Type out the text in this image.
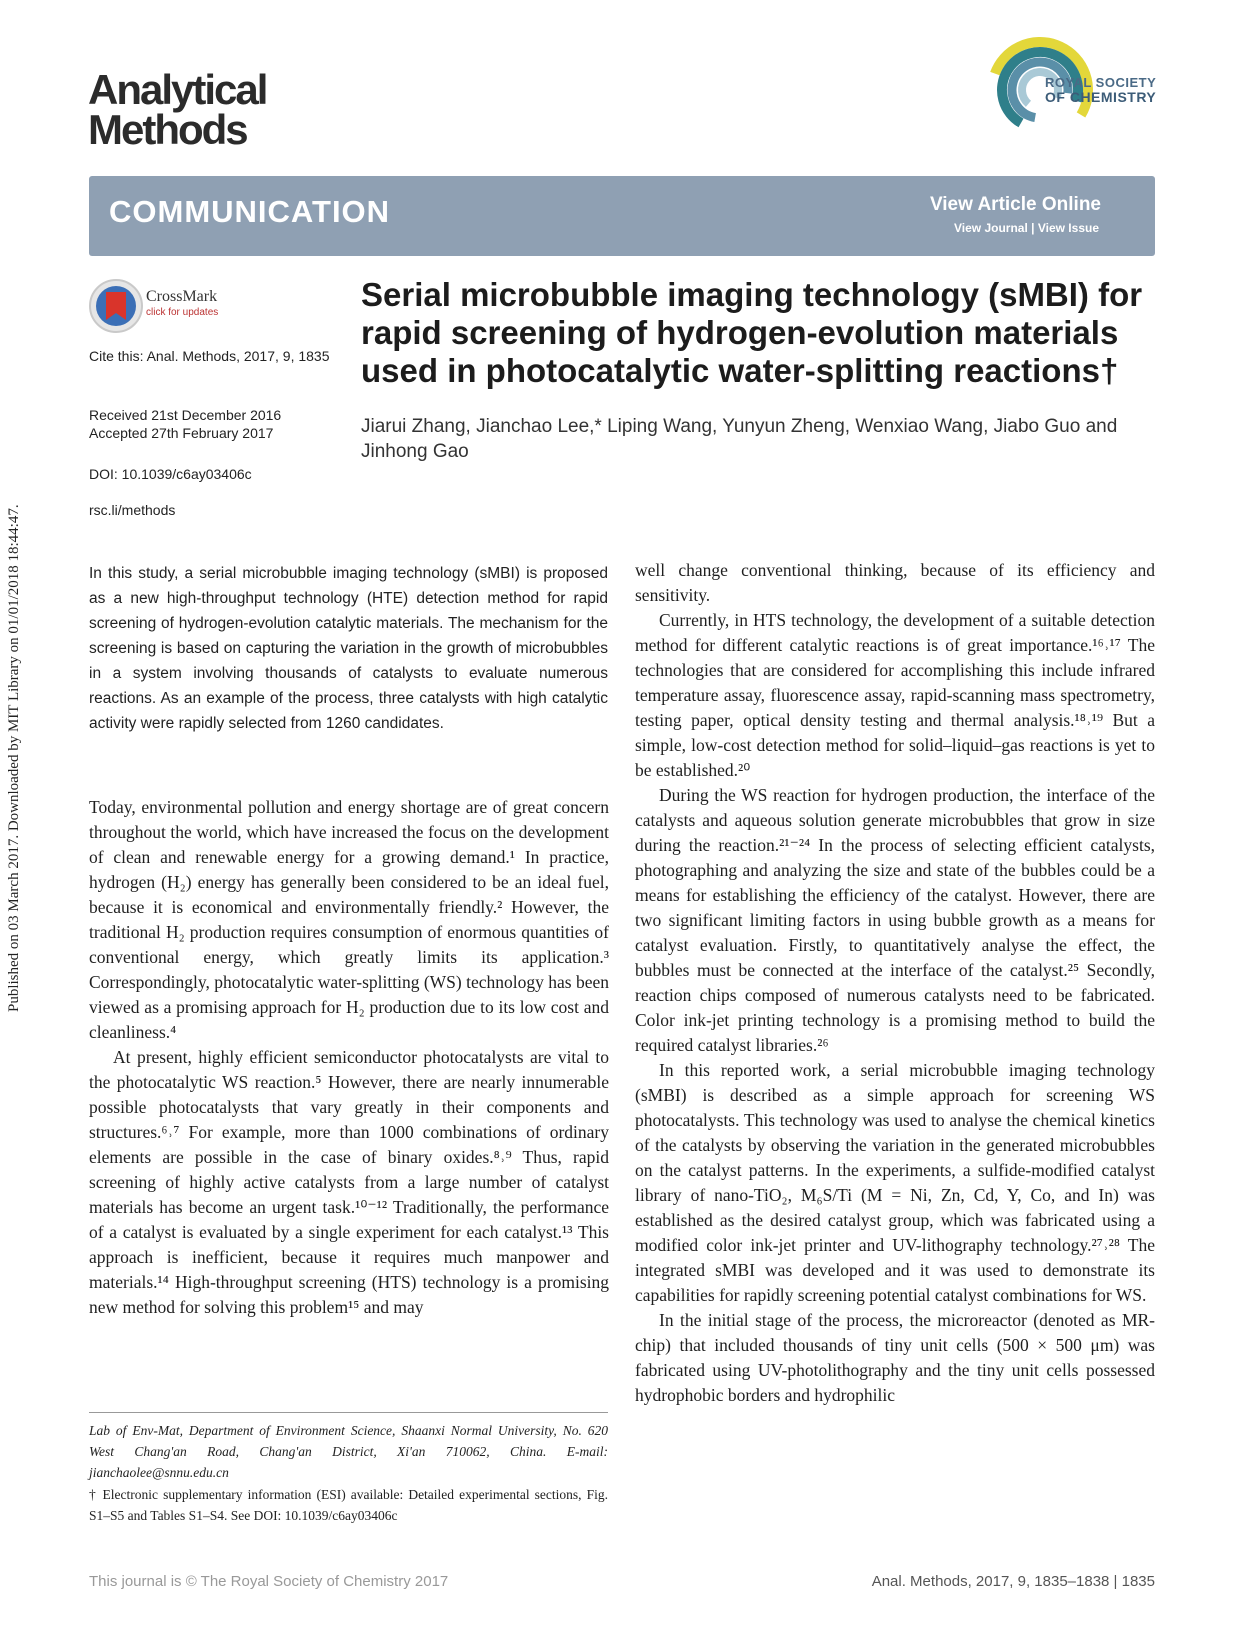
Published on 03 March 2017. Downloaded by MIT Library on 01/01/2018 18:44:47.
Analytical
Methods
ROYAL SOCIETY
OF CHEMISTRY
COMMUNICATION	View Article Online
View Journal | View Issue
CrossMark
click for updates
Cite this: Anal. Methods, 2017, 9, 1835
Received 21st December 2016
Accepted 27th February 2017
DOI: 10.1039/c6ay03406c
rsc.li/methods
Serial microbubble imaging technology (sMBI) for rapid screening of hydrogen-evolution materials used in photocatalytic water-splitting reactions†
Jiarui Zhang, Jianchao Lee,* Liping Wang, Yunyun Zheng, Wenxiao Wang, Jiabo Guo and Jinhong Gao
In this study, a serial microbubble imaging technology (sMBI) is proposed as a new high-throughput technology (HTE) detection method for rapid screening of hydrogen-evolution catalytic materials. The mechanism for the screening is based on capturing the variation in the growth of microbubbles in a system involving thousands of catalysts to evaluate numerous reactions. As an example of the process, three catalysts with high catalytic activity were rapidly selected from 1260 candidates.

Today, environmental pollution and energy shortage are of great concern throughout the world, which have increased the focus on the development of clean and renewable energy for a growing demand.¹ In practice, hydrogen (H₂) energy has generally been considered to be an ideal fuel, because it is economical and environmentally friendly.² However, the traditional H₂ production requires consumption of enormous quantities of conventional energy, which greatly limits its application.³ Correspondingly, photocatalytic water-splitting (WS) technology has been viewed as a promising approach for H₂ production due to its low cost and cleanliness.⁴

At present, highly efficient semiconductor photocatalysts are vital to the photocatalytic WS reaction.⁵ However, there are nearly innumerable possible photocatalysts that vary greatly in their components and structures.⁶˒⁷ For example, more than 1000 combinations of ordinary elements are possible in the case of binary oxides.⁸˒⁹ Thus, rapid screening of highly active catalysts from a large number of catalyst materials has become an urgent task.¹⁰⁻¹² Traditionally, the performance of a catalyst is evaluated by a single experiment for each catalyst.¹³ This approach is inefficient, because it requires much manpower and materials.¹⁴ High-throughput screening (HTS) technology is a promising new method for solving this problem¹⁵ and may

well change conventional thinking, because of its efficiency and sensitivity.

Currently, in HTS technology, the development of a suitable detection method for different catalytic reactions is of great importance.¹⁶˒¹⁷ The technologies that are considered for accomplishing this include infrared temperature assay, fluorescence assay, rapid-scanning mass spectrometry, testing paper, optical density testing and thermal analysis.¹⁸˒¹⁹ But a simple, low-cost detection method for solid–liquid–gas reactions is yet to be established.²⁰

During the WS reaction for hydrogen production, the interface of the catalysts and aqueous solution generate microbubbles that grow in size during the reaction.²¹⁻²⁴ In the process of selecting efficient catalysts, photographing and analyzing the size and state of the bubbles could be a means for establishing the efficiency of the catalyst. However, there are two significant limiting factors in using bubble growth as a means for catalyst evaluation. Firstly, to quantitatively analyse the effect, the bubbles must be connected at the interface of the catalyst.²⁵ Secondly, reaction chips composed of numerous catalysts need to be fabricated. Color ink-jet printing technology is a promising method to build the required catalyst libraries.²⁶

In this reported work, a serial microbubble imaging technology (sMBI) is described as a simple approach for screening WS photocatalysts. This technology was used to analyse the chemical kinetics of the catalysts by observing the variation in the generated microbubbles on the catalyst patterns. In the experiments, a sulfide-modified catalyst library of nano-TiO₂, M₆S/Ti (M = Ni, Zn, Cd, Y, Co, and In) was established as the desired catalyst group, which was fabricated using a modified color ink-jet printer and UV-lithography technology.²⁷˒²⁸ The integrated sMBI was developed and it was used to demonstrate its capabilities for rapidly screening potential catalyst combinations for WS.

In the initial stage of the process, the microreactor (denoted as MR-chip) that included thousands of tiny unit cells (500 × 500 μm) was fabricated using UV-photolithography and the tiny unit cells possessed hydrophobic borders and hydrophilic

Lab of Env-Mat, Department of Environment Science, Shaanxi Normal University, No. 620 West Chang'an Road, Chang'an District, Xi'an 710062, China. E-mail: jianchaolee@snnu.edu.cn
† Electronic supplementary information (ESI) available: Detailed experimental sections, Fig. S1–S5 and Tables S1–S4. See DOI: 10.1039/c6ay03406c
This journal is © The Royal Society of Chemistry 2017	Anal. Methods, 2017, 9, 1835–1838 | 1835
